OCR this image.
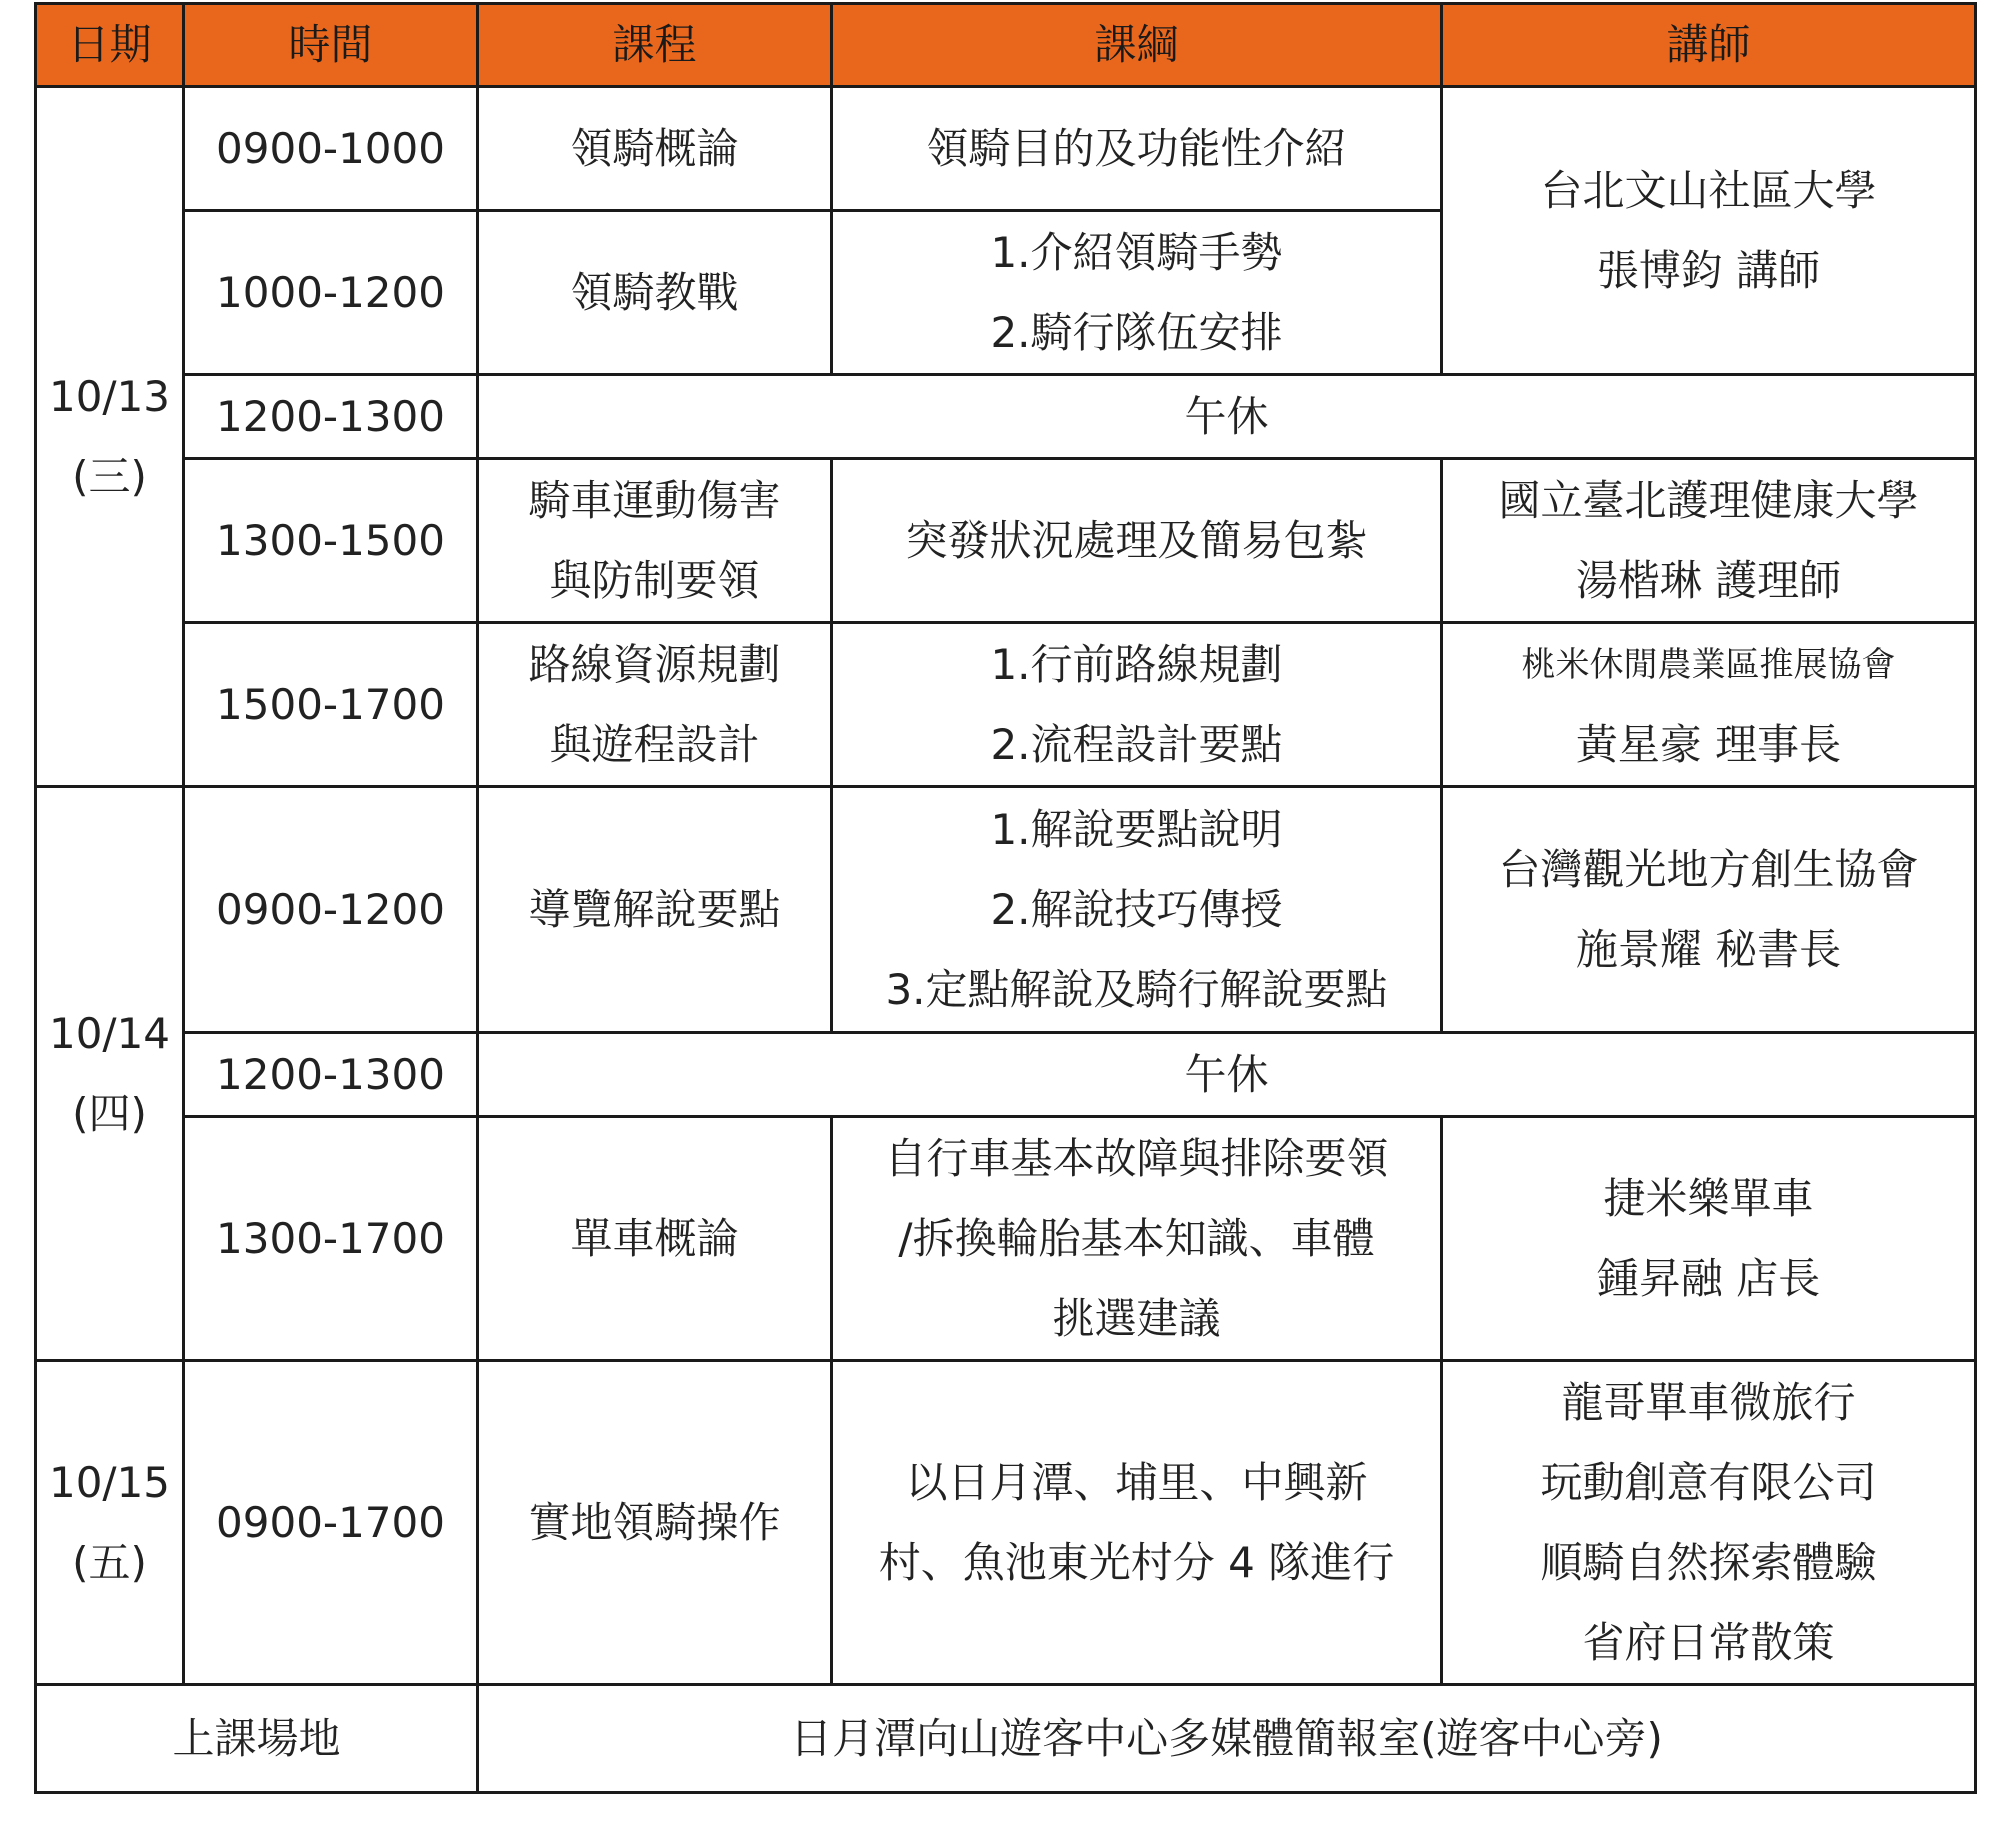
日期	時間	課程	課綱	講師

10/13
(三)	0900-1000	領騎概論	領騎目的及功能性介紹	台北文山社區大學
張博鈞 講師

	1000-1200	領騎教戰	1.介紹領騎手勢
2.騎行隊伍安排	

	1200-1300	午休		
	1300-1500	騎車運動傷害
與防制要領	突發狀況處理及簡易包紮	國立臺北護理健康大學
湯楷琳 護理師

	1500-1700	路線資源規劃
與遊程設計	1.行前路線規劃
2.流程設計要點	桃米休閒農業區推展協會
黃星豪 理事長

10/14
(四)	0900-1200	導覽解說要點	1.解說要點說明
2.解說技巧傳授
3.定點解說及騎行解說要點	台灣觀光地方創生協會
施景耀 秘書長

	1200-1300	午休		
	1300-1700	單車概論	自行車基本故障與排除要領
/拆換輪胎基本知識、車體
挑選建議	捷米樂單車
鍾昇融 店長

10/15
(五)	0900-1700	實地領騎操作	以日月潭、埔里、中興新
村、魚池東光村分 4 隊進行	龍哥單車微旅行
玩動創意有限公司
順騎自然探索體驗
省府日常散策

上課場地		日月潭向山遊客中心多媒體簡報室(遊客中心旁)		
